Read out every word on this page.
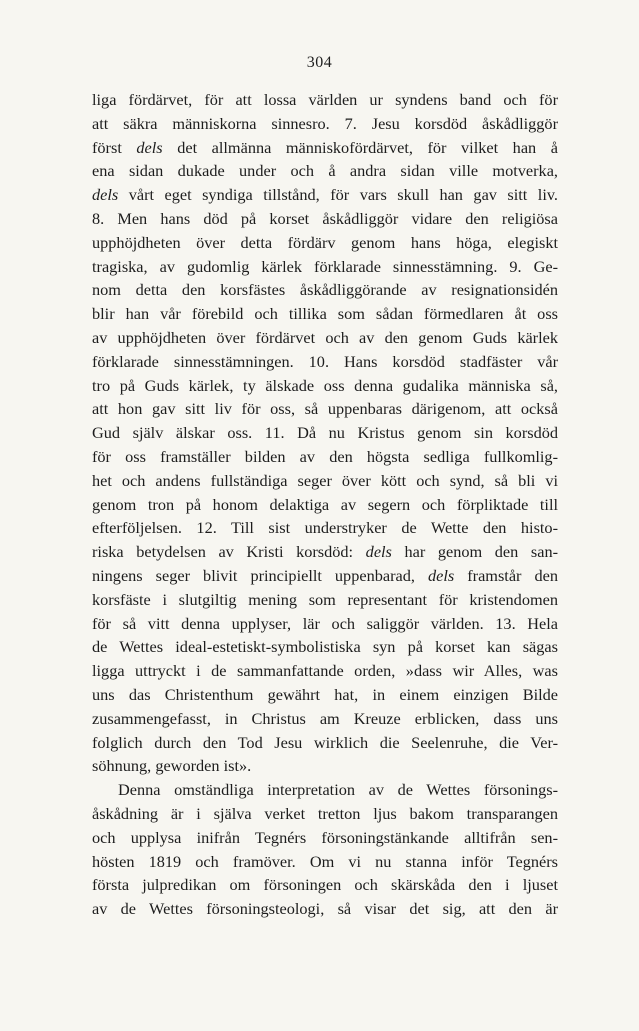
304
liga fördärvet, för att lossa världen ur syndens band och för
att säkra människorna sinnesro. 7. Jesu korsdöd åskådliggör
först dels det allmänna människofördärvet, för vilket han å
ena sidan dukade under och å andra sidan ville motverka,
dels vårt eget syndiga tillstånd, för vars skull han gav sitt liv.
8. Men hans död på korset åskådliggör vidare den religiösa
upphöjdheten över detta fördärv genom hans höga, elegiskt
tragiska, av gudomlig kärlek förklarade sinnesstämning. 9. Ge-
nom detta den korsfästes åskådliggörande av resignationsidén
blir han vår förebild och tillika som sådan förmedlaren åt oss
av upphöjdheten över fördärvet och av den genom Guds kärlek
förklarade sinnesstämningen. 10. Hans korsdöd stadfäster vår
tro på Guds kärlek, ty älskade oss denna gudalika människa så,
att hon gav sitt liv för oss, så uppenbaras därigenom, att också
Gud själv älskar oss. 11. Då nu Kristus genom sin korsdöd
för oss framställer bilden av den högsta sedliga fullkomlig-
het och andens fullständiga seger över kött och synd, så bli vi
genom tron på honom delaktiga av segern och förpliktade till
efterföljelsen. 12. Till sist understryker de Wette den histo-
riska betydelsen av Kristi korsdöd: dels har genom den san-
ningens seger blivit principiellt uppenbarad, dels framstår den
korsfäste i slutgiltig mening som representant för kristendomen
för så vitt denna upplyser, lär och saliggör världen. 13. Hela
de Wettes ideal-estetiskt-symbolistiska syn på korset kan sägas
ligga uttryckt i de sammanfattande orden, »dass wir Alles, was
uns das Christenthum gewährt hat, in einem einzigen Bilde
zusammengefasst, in Christus am Kreuze erblicken, dass uns
folglich durch den Tod Jesu wirklich die Seelenruhe, die Ver-
söhnung, geworden ist».
Denna omständliga interpretation av de Wettes försonings-
åskådning är i själva verket tretton ljus bakom transparangen
och upplysa inifrån Tegnérs försoningstänkande alltifrån sen-
hösten 1819 och framöver. Om vi nu stanna inför Tegnérs
första julpredikan om försoningen och skärskåda den i ljuset
av de Wettes försoningsteologi, så visar det sig, att den är
